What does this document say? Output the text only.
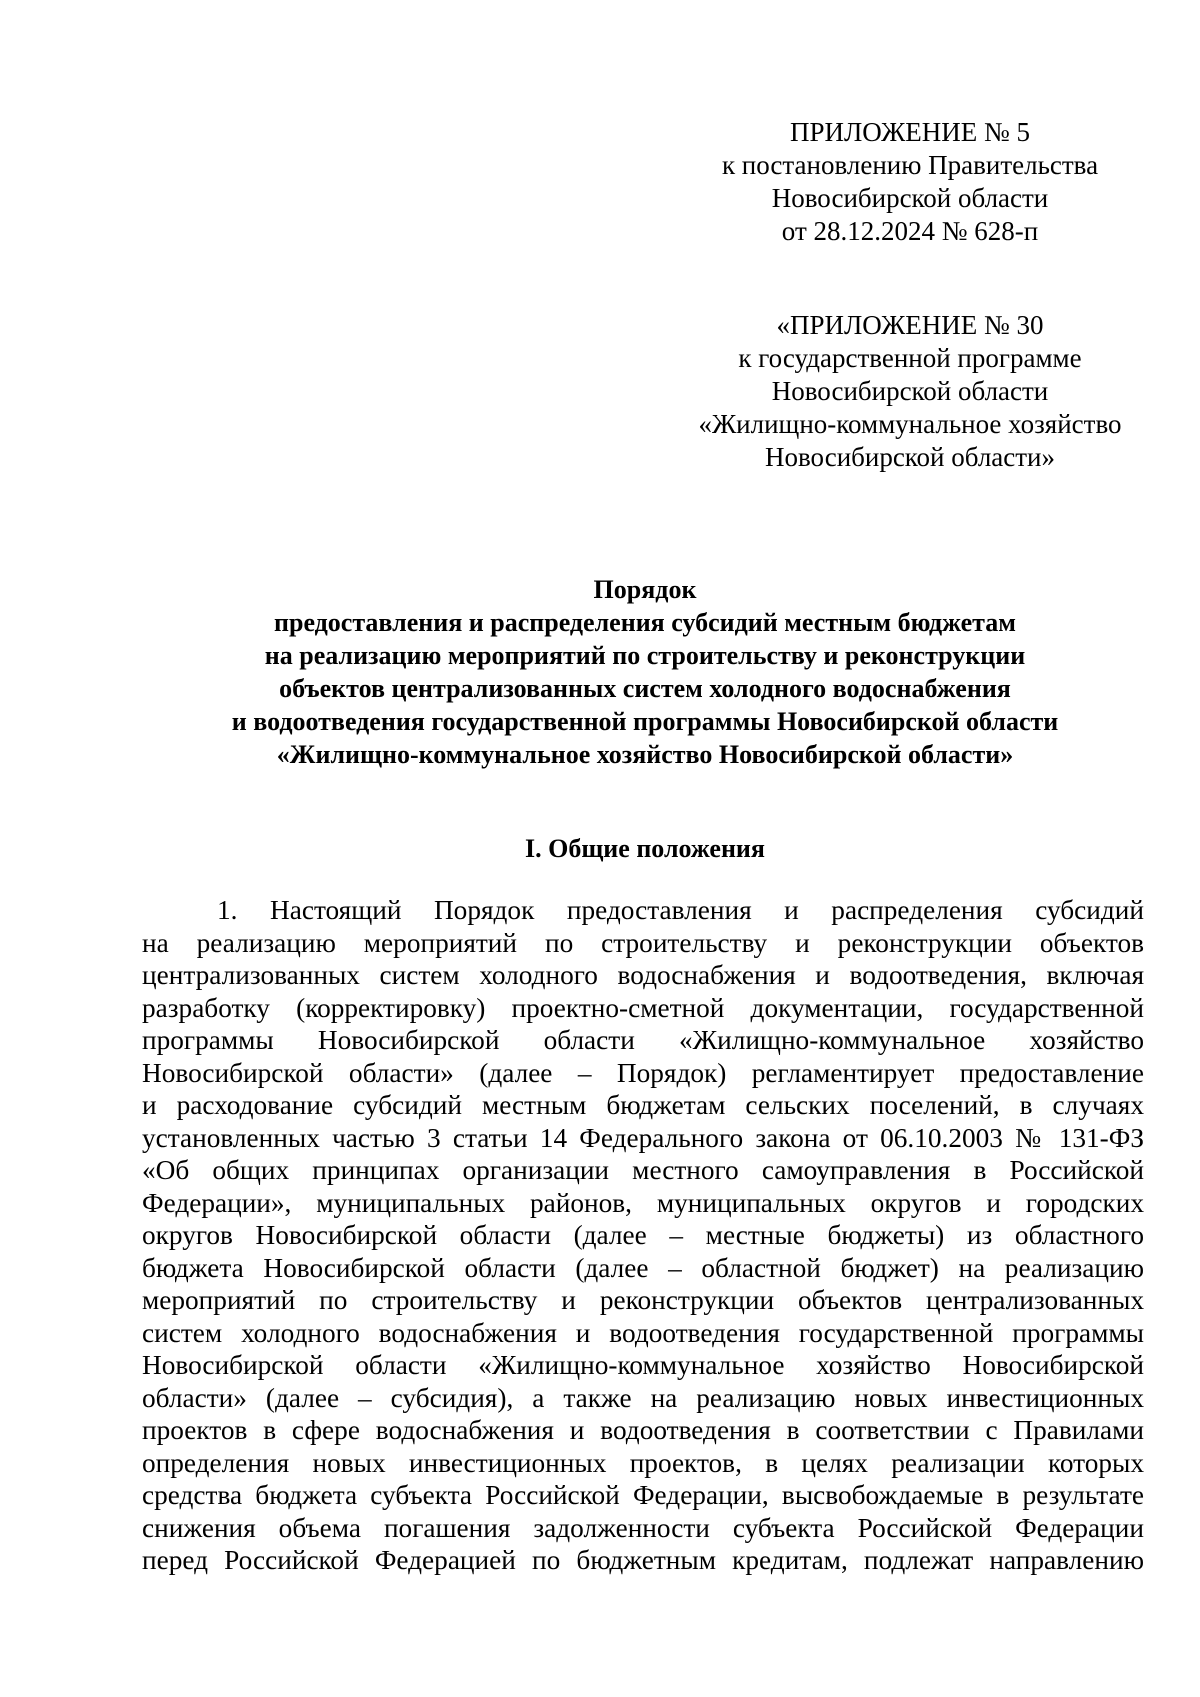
ПРИЛОЖЕНИЕ № 5
к постановлению Правительства
Новосибирской области
от 28.12.2024 № 628-п
«ПРИЛОЖЕНИЕ № 30
к государственной программе
Новосибирской области
«Жилищно-коммунальное хозяйство
Новосибирской области»
Порядок
предоставления и распределения субсидий местным бюджетам
на реализацию мероприятий по строительству и реконструкции
объектов централизованных систем холодного водоснабжения
и водоотведения государственной программы Новосибирской области
«Жилищно-коммунальное хозяйство Новосибирской области»
I. Общие положения
1. Настоящий Порядок предоставления и распределения субсидий
на реализацию мероприятий по строительству и реконструкции объектов
централизованных систем холодного водоснабжения и водоотведения, включая
разработку (корректировку) проектно-сметной документации, государственной
программы Новосибирской области «Жилищно-коммунальное хозяйство
Новосибирской области» (далее – Порядок) регламентирует предоставление
и расходование субсидий местным бюджетам сельских поселений, в случаях
установленных частью 3 статьи 14 Федерального закона от 06.10.2003 № 131-ФЗ
«Об общих принципах организации местного самоуправления в Российской
Федерации», муниципальных районов, муниципальных округов и городских
округов Новосибирской области (далее – местные бюджеты) из областного
бюджета Новосибирской области (далее – областной бюджет) на реализацию
мероприятий по строительству и реконструкции объектов централизованных
систем холодного водоснабжения и водоотведения государственной программы
Новосибирской области «Жилищно-коммунальное хозяйство Новосибирской
области» (далее – субсидия), а также на реализацию новых инвестиционных
проектов в сфере водоснабжения и водоотведения в соответствии с Правилами
определения новых инвестиционных проектов, в целях реализации которых
средства бюджета субъекта Российской Федерации, высвобождаемые в результате
снижения объема погашения задолженности субъекта Российской Федерации
перед Российской Федерацией по бюджетным кредитам, подлежат направлению
